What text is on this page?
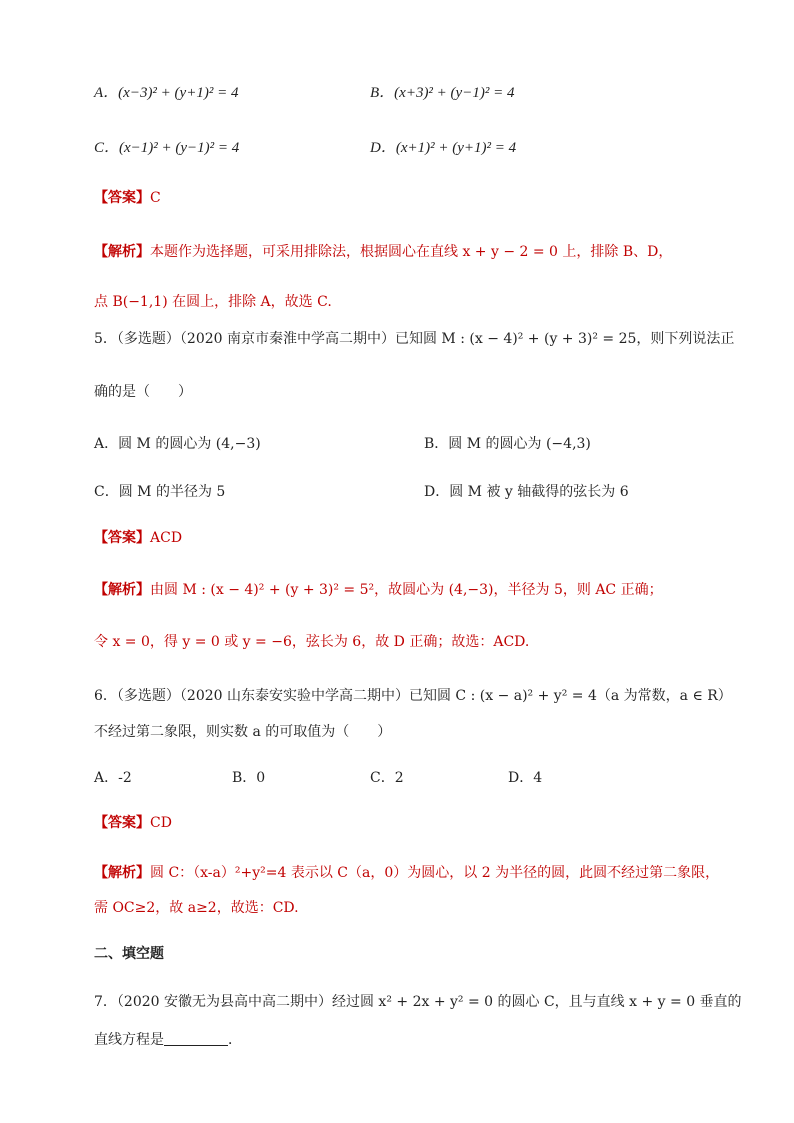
A．(x−3)² + (y+1)² = 4	B．(x+3)² + (y−1)² = 4
C．(x−1)² + (y−1)² = 4	D．(x+1)² + (y+1)² = 4
【答案】C
【解析】本题作为选择题，可采用排除法，根据圆心在直线 x + y − 2 = 0 上，排除 B、D，
点 B(−1,1) 在圆上，排除 A，故选 C.
5．（多选题）（2020 南京市秦淮中学高二期中）已知圆 M : (x − 4)² + (y + 3)² = 25，则下列说法正
确的是（　　）
A．圆 M 的圆心为 (4,−3)	B．圆 M 的圆心为 (−4,3)
C．圆 M 的半径为 5	D．圆 M 被 y 轴截得的弦长为 6
【答案】ACD
【解析】由圆 M : (x − 4)² + (y + 3)² = 5²，故圆心为 (4,−3)，半径为 5，则 AC 正确；
令 x = 0，得 y = 0 或 y = −6，弦长为 6，故 D 正确；故选：ACD.
6．（多选题）（2020 山东泰安实验中学高二期中）已知圆 C : (x − a)² + y² = 4（a 为常数，a ∈ R）
不经过第二象限，则实数 a 的可取值为（　　）
A．-2	B．0	C．2	D．4
【答案】CD
【解析】圆 C：（x-a）²+y²=4 表示以 C（a，0）为圆心，以 2 为半径的圆，此圆不经过第二象限，
需 OC≥2，故 a≥2，故选：CD.
二、填空题
7．（2020 安徽无为县高中高二期中）经过圆 x² + 2x + y² = 0 的圆心 C，且与直线 x + y = 0 垂直的
直线方程是	．
